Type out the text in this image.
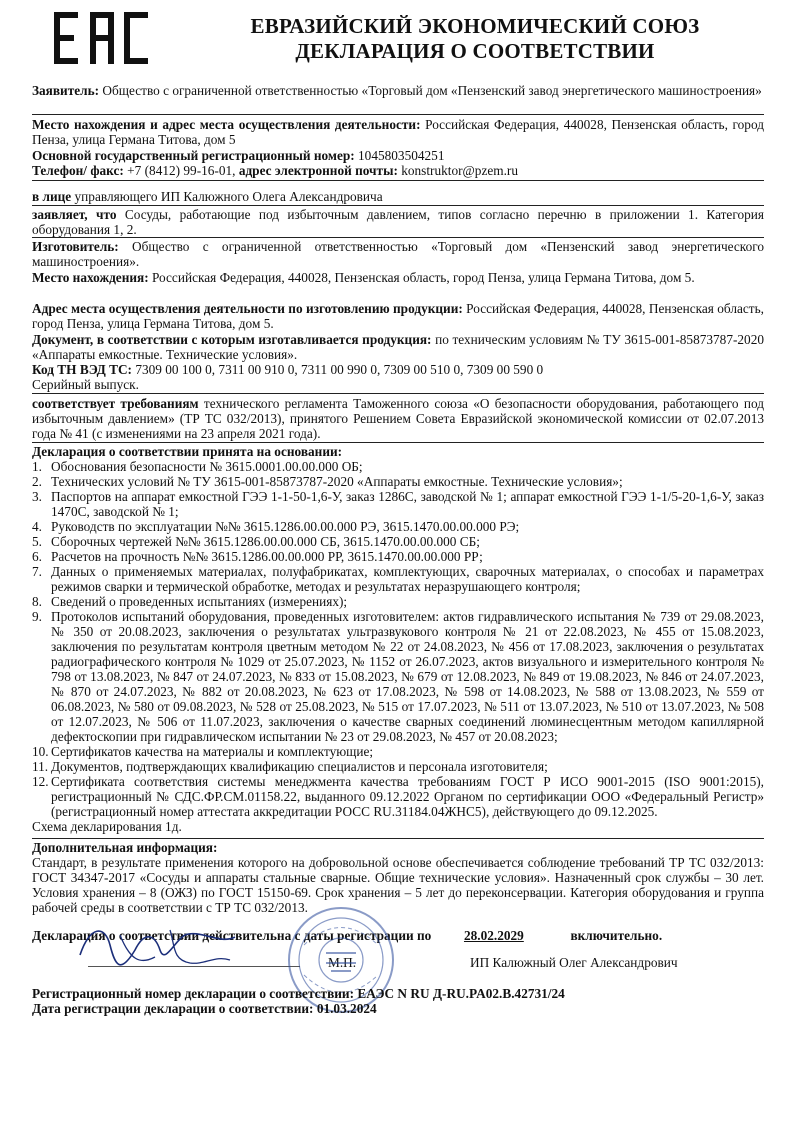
ЕВРАЗИЙСКИЙ ЭКОНОМИЧЕСКИЙ СОЮЗ
ДЕКЛАРАЦИЯ О СООТВЕТСТВИИ
Заявитель: Общество с ограниченной ответственностью «Торговый дом «Пензенский завод энергетического машиностроения»
Место нахождения и адрес места осуществления деятельности: Российская Федерация, 440028, Пензенская область, город Пенза, улица Германа Титова, дом 5
Основной государственный регистрационный номер: 1045803504251
Телефон/ факс: +7 (8412) 99-16-01, адрес электронной почты: konstruktor@pzem.ru
в лице управляющего ИП Калюжного Олега Александровича
заявляет, что Сосуды, работающие под избыточным давлением, типов согласно перечню в приложении 1. Категория оборудования 1, 2.
Изготовитель: Общество с ограниченной ответственностью «Торговый дом «Пензенский завод энергетического машиностроения».
Место нахождения: Российская Федерация, 440028, Пензенская область, город Пенза, улица Германа Титова, дом 5.
Адрес места осуществления деятельности по изготовлению продукции: Российская Федерация, 440028, Пензенская область, город Пенза, улица Германа Титова, дом 5.
Документ, в соответствии с которым изготавливается продукция: по техническим условиям № ТУ 3615-001-85873787-2020 «Аппараты емкостные. Технические условия».
Код ТН ВЭД ТС: 7309 00 100 0, 7311 00 910 0, 7311 00 990 0, 7309 00 510 0, 7309 00 590 0
Серийный выпуск.
соответствует требованиям технического регламента Таможенного союза «О безопасности оборудования, работающего под избыточным давлением» (ТР ТС 032/2013), принятого Решением Совета Евразийской экономической комиссии от 02.07.2013 года № 41 (с изменениями на 23 апреля 2021 года).
Декларация о соответствии принята на основании:
1. Обоснования безопасности № 3615.0001.00.00.000 ОБ;
2. Технических условий № ТУ 3615-001-85873787-2020 «Аппараты емкостные. Технические условия»;
3. Паспортов на аппарат емкостной ГЭЭ 1-1-50-1,6-У, заказ 1286С, заводской № 1; аппарат емкостной ГЭЭ 1-1/5-20-1,6-У, заказ 1470С, заводской № 1;
4. Руководств по эксплуатации №№ 3615.1286.00.00.000 РЭ, 3615.1470.00.00.000 РЭ;
5. Сборочных чертежей №№ 3615.1286.00.00.000 СБ, 3615.1470.00.00.000 СБ;
6. Расчетов на прочность №№ 3615.1286.00.00.000 РР, 3615.1470.00.00.000 РР;
7. Данных о применяемых материалах, полуфабрикатах, комплектующих, сварочных материалах, о способах и параметрах режимов сварки и термической обработке, методах и результатах неразрушающего контроля;
8. Сведений о проведенных испытаниях (измерениях);
9. Протоколов испытаний оборудования, проведенных изготовителем: актов гидравлического испытания № 739 от 29.08.2023, № 350 от 20.08.2023, заключения о результатах ультразвукового контроля № 21 от 22.08.2023, № 455 от 15.08.2023, заключения по результатам контроля цветным методом № 22 от 24.08.2023, № 456 от 17.08.2023, заключения о результатах радиографического контроля № 1029 от 25.07.2023, № 1152 от 26.07.2023, актов визуального и измерительного контроля № 798 от 13.08.2023, № 847 от 24.07.2023, № 833 от 15.08.2023, № 679 от 12.08.2023, № 849 от 19.08.2023, № 846 от 24.07.2023, № 870 от 24.07.2023, № 882 от 20.08.2023, № 623 от 17.08.2023, № 598 от 14.08.2023, № 588 от 13.08.2023, № 559 от 06.08.2023, № 580 от 09.08.2023, № 528 от 25.08.2023, № 515 от 17.07.2023, № 511 от 13.07.2023, № 510 от 13.07.2023, № 508 от 12.07.2023, № 506 от 11.07.2023, заключения о качестве сварных соединений люминесцентным методом капиллярной дефектоскопии при гидравлическом испытании № 23 от 29.08.2023, № 457 от 20.08.2023;
10. Сертификатов качества на материалы и комплектующие;
11. Документов, подтверждающих квалификацию специалистов и персонала изготовителя;
12. Сертификата соответствия системы менеджмента качества требованиям ГОСТ Р ИСО 9001-2015 (ISO 9001:2015), регистрационный № СДС.ФР.СМ.01158.22, выданного 09.12.2022 Органом по сертификации ООО «Федеральный Регистр» (регистрационный номер аттестата аккредитации РОСС RU.31184.04ЖНС5), действующего до 09.12.2025.
Схема декларирования 1д.
Дополнительная информация:
Стандарт, в результате применения которого на добровольной основе обеспечивается соблюдение требований ТР ТС 032/2013: ГОСТ 34347-2017 «Сосуды и аппараты стальные сварные. Общие технические условия». Назначенный срок службы – 30 лет. Условия хранения – 8 (ОЖЗ) по ГОСТ 15150-69. Срок хранения – 5 лет до переконсервации. Категория оборудования и группа рабочей среды в соответствии с ТР ТС 032/2013.
Декларация о соответствии действительна с даты регистрации по 28.02.2029	включительно.
ИП Калюжный Олег Александрович
Регистрационный номер декларации о соответствии: ЕАЭС N RU Д-RU.PA02.B.42731/24
Дата регистрации декларации о соответствии: 01.03.2024
